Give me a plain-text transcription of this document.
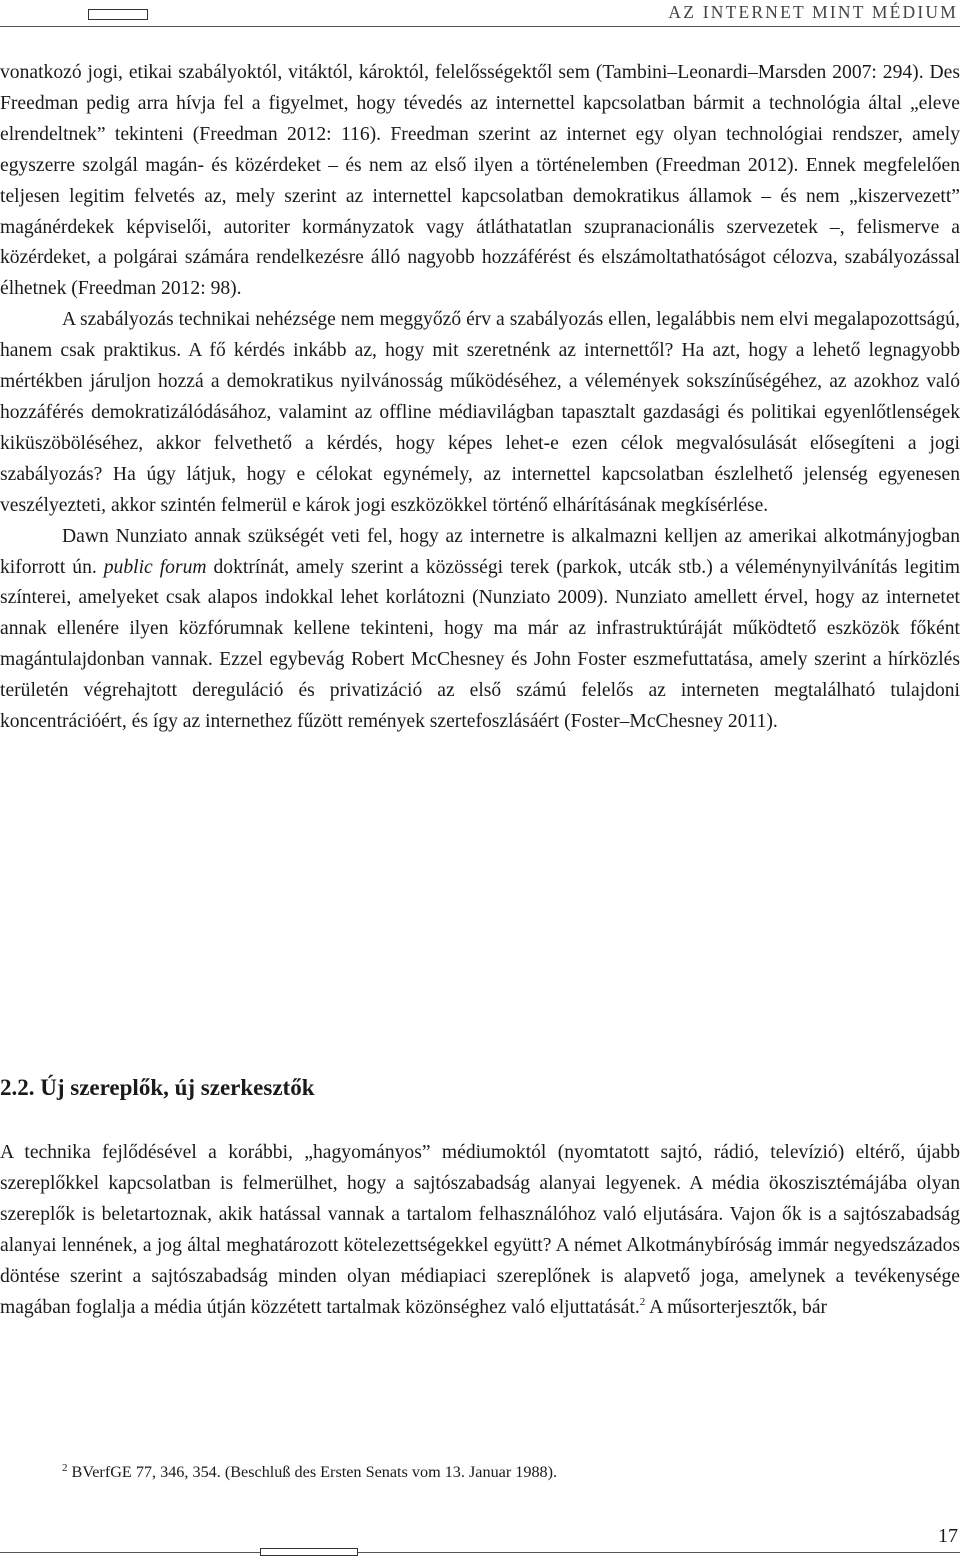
AZ INTERNET MINT MÉDIUM

vonatkozó jogi, etikai szabályoktól, vitáktól, károktól, felelősségektől sem (Tambini–Leonardi–Marsden 2007: 294). Des Freedman pedig arra hívja fel a figyelmet, hogy tévedés az internettel kapcsolatban bármit a technológia által „eleve elrendeltnek” tekinteni (Freedman 2012: 116). Freedman szerint az internet egy olyan technológiai rendszer, amely egyszerre szolgál magán- és közérdeket – és nem az első ilyen a történelemben (Freedman 2012). Ennek megfelelően teljesen legitim felvetés az, mely szerint az internettel kapcsolatban demokratikus államok – és nem „kiszervezett” magánérdekek képviselői, autoriter kormányzatok vagy átláthatatlan szupranacionális szervezetek –, felismerve a közérdeket, a polgárai számára rendelkezésre álló nagyobb hozzáférést és elszámoltathatóságot célozva, szabályozással élhetnek (Freedman 2012: 98).

A szabályozás technikai nehézsége nem meggyőző érv a szabályozás ellen, legalábbis nem elvi megalapozottságú, hanem csak praktikus. A fő kérdés inkább az, hogy mit szeretnénk az internettől? Ha azt, hogy a lehető legnagyobb mértékben járuljon hozzá a demokratikus nyilvánosság működéséhez, a vélemények sokszínűségéhez, az azokhoz való hozzáférés demokratizálódásához, valamint az offline médiavilágban tapasztalt gazdasági és politikai egyenlőtlenségek kiküszöböléséhez, akkor felvethető a kérdés, hogy képes lehet-e ezen célok megvalósulását elősegíteni a jogi szabályozás? Ha úgy látjuk, hogy e célokat egynémely, az internettel kapcsolatban észlelhető jelenség egyenesen veszélyezteti, akkor szintén felmerül e károk jogi eszközökkel történő elhárításának megkísérlése.

Dawn Nunziato annak szükségét veti fel, hogy az internetre is alkalmazni kelljen az amerikai alkotmányjogban kiforrott ún. public forum doktrínát, amely szerint a közösségi terek (parkok, utcák stb.) a véleménynyilvánítás legitim színterei, amelyeket csak alapos indokkal lehet korlátozni (Nunziato 2009). Nunziato amellett érvel, hogy az internetet annak ellenére ilyen közfórumnak kellene tekinteni, hogy ma már az infrastruktúráját működtető eszközök főként magántulajdonban vannak. Ezzel egybevág Robert McChesney és John Foster eszmefuttatása, amely szerint a hírközlés területén végrehajtott dereguláció és privatizáció az első számú felelős az interneten megtalálható tulajdoni koncentrációért, és így az internethez fűzött remények szertefoszlásáért (Foster–McChesney 2011).

2.2. Új szereplők, új szerkesztők

A technika fejlődésével a korábbi, „hagyományos” médiumoktól (nyomtatott sajtó, rádió, televízió) eltérő, újabb szereplőkkel kapcsolatban is felmerülhet, hogy a sajtószabadság alanyai legyenek. A média ökoszisztémájába olyan szereplők is beletartoznak, akik hatással vannak a tartalom felhasználóhoz való eljutására. Vajon ők is a sajtószabadság alanyai lennének, a jog által meghatározott kötelezettségekkel együtt? A német Alkotmánybíróság immár negyedszázados döntése szerint a sajtószabadság minden olyan médiapiaci szereplőnek is alapvető joga, amelynek a tevékenysége magában foglalja a média útján közzétett tartalmak közönséghez való eljuttatását.$^2$ A műsorterjesztők, bár

$^2$ BVerfGE 77, 346, 354. (Beschluß des Ersten Senats vom 13. Januar 1988).

17
